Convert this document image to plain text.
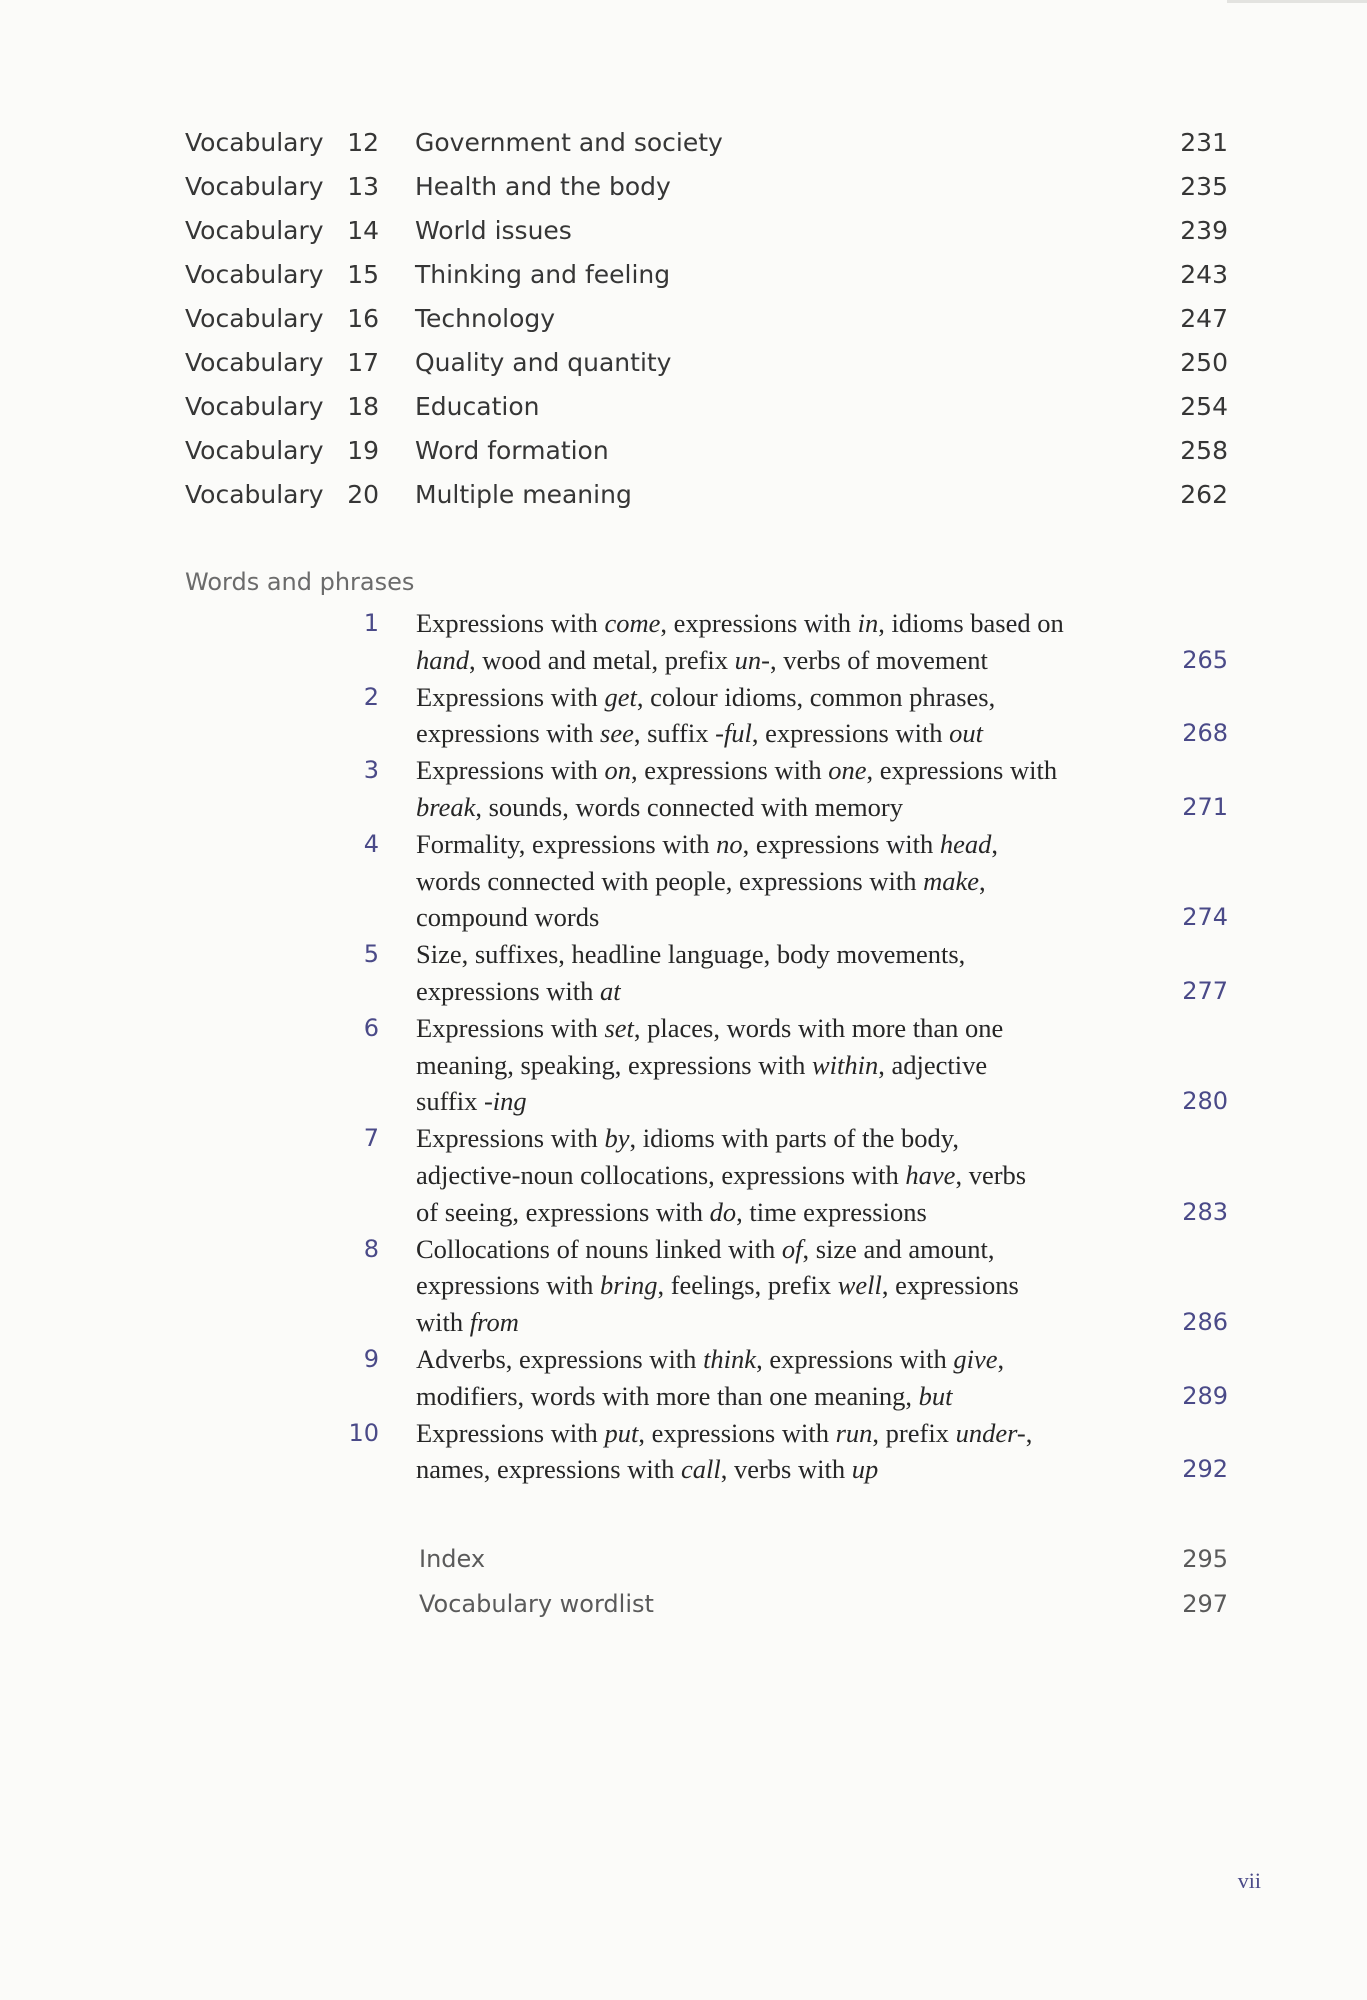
Vocabulary 12 Government and society	231
Vocabulary 13 Health and the body	235
Vocabulary 14 World issues	239
Vocabulary 15 Thinking and feeling	243
Vocabulary 16 Technology	247
Vocabulary 17 Quality and quantity	250
Vocabulary 18 Education	254
Vocabulary 19 Word formation	258
Vocabulary 20 Multiple meaning	262
Words and phrases
1 Expressions with come, expressions with in, idioms based on
hand, wood and metal, prefix un-, verbs of movement	265
2 Expressions with get, colour idioms, common phrases,
expressions with see, suffix -ful, expressions with out	268
3 Expressions with on, expressions with one, expressions with
break, sounds, words connected with memory	271
4 Formality, expressions with no, expressions with head,
words connected with people, expressions with make,
compound words	274
5 Size, suffixes, headline language, body movements,
expressions with at	277
6 Expressions with set, places, words with more than one
meaning, speaking, expressions with within, adjective
suffix -ing	280
7 Expressions with by, idioms with parts of the body,
adjective-noun collocations, expressions with have, verbs
of seeing, expressions with do, time expressions	283
8 Collocations of nouns linked with of, size and amount,
expressions with bring, feelings, prefix well, expressions
with from	286
9 Adverbs, expressions with think, expressions with give,
modifiers, words with more than one meaning, but	289
10 Expressions with put, expressions with run, prefix under-,
names, expressions with call, verbs with up	292
Index	295
Vocabulary wordlist	297
vii
